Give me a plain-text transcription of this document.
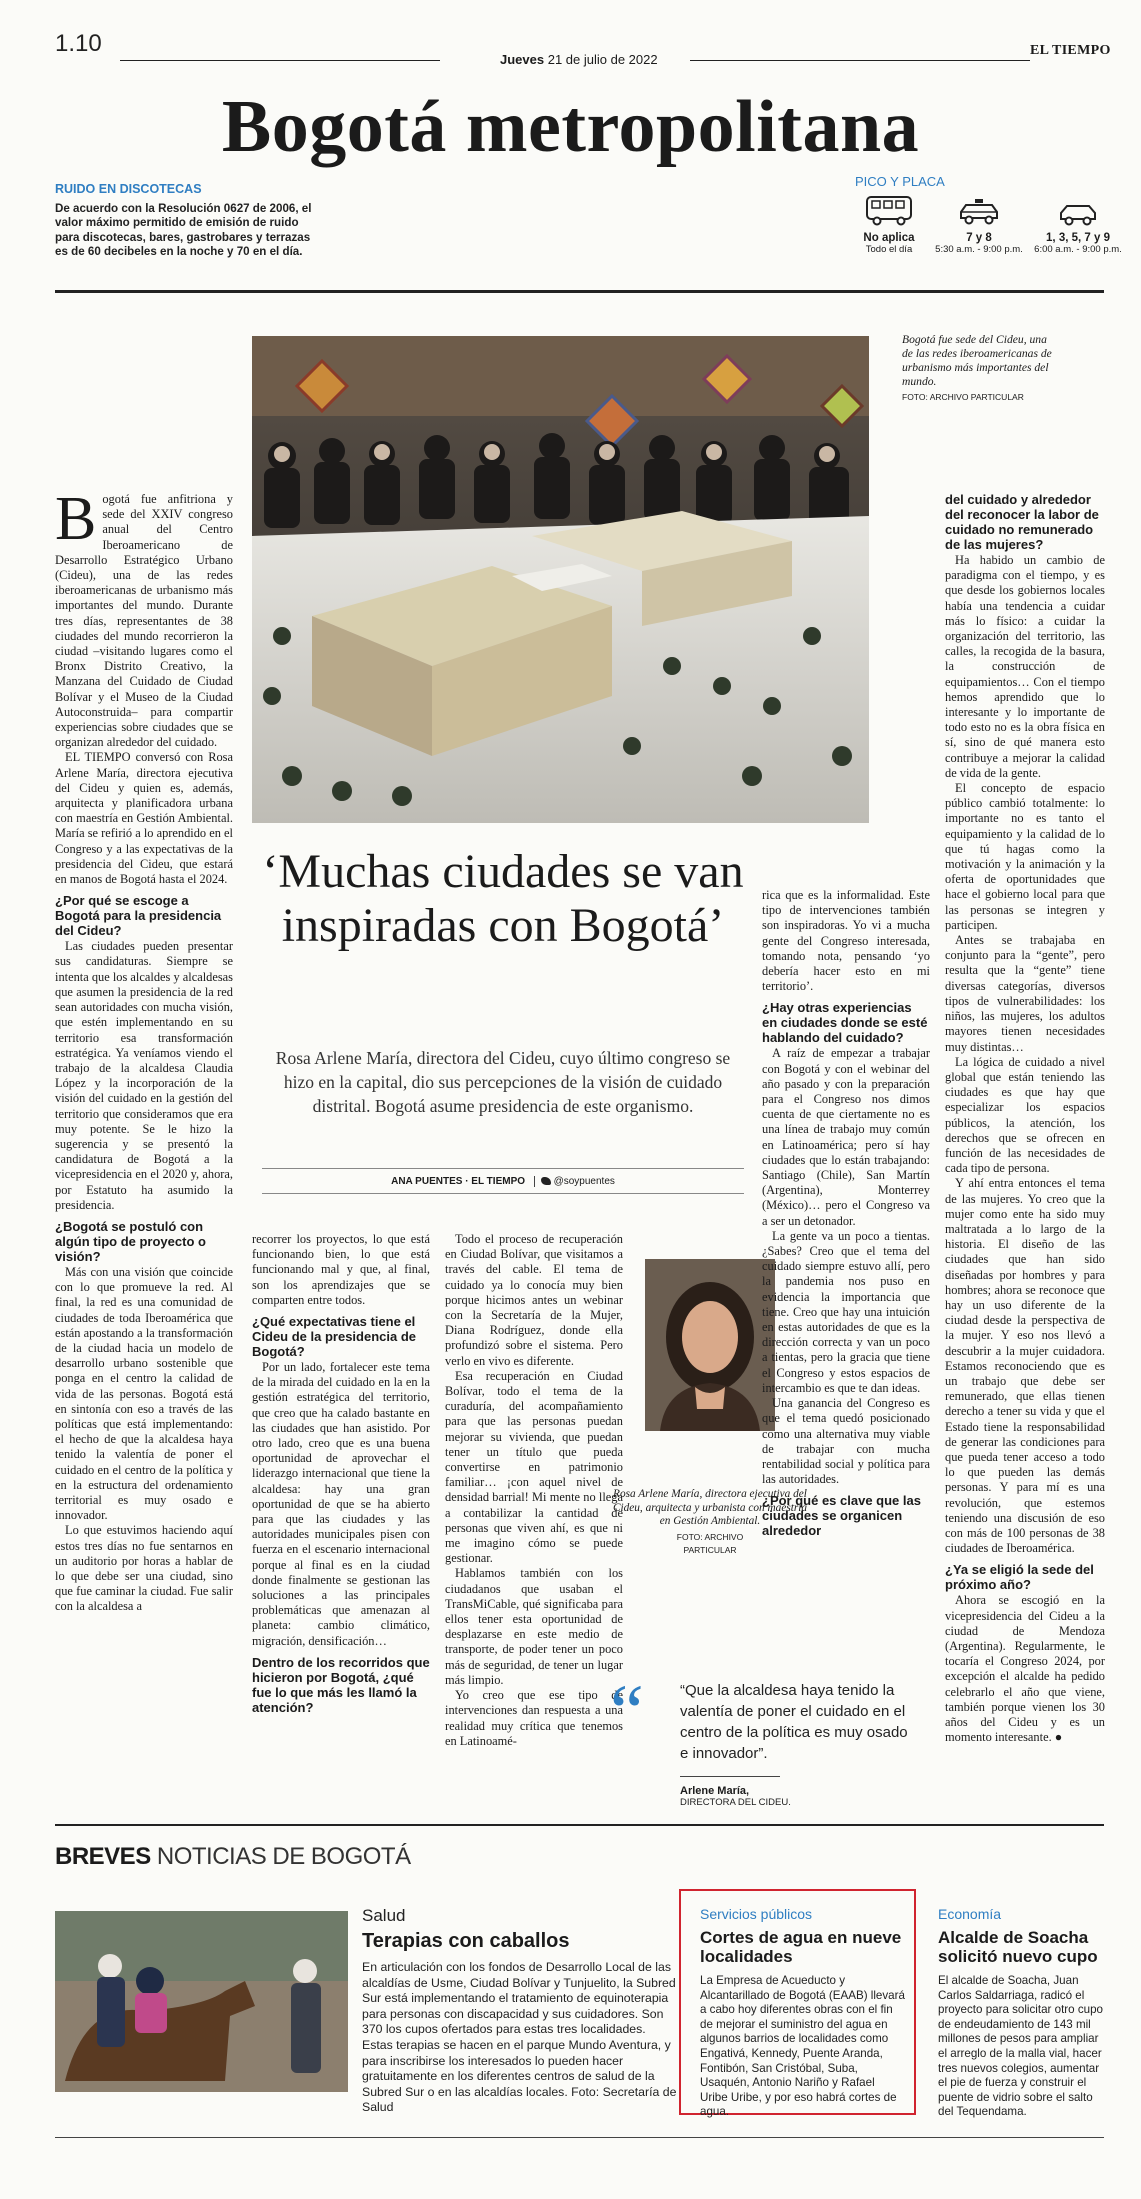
1.10
Jueves 21 de julio de 2022
EL TIEMPO
Bogotá metropolitana
RUIDO EN DISCOTECAS
De acuerdo con la Resolución 0627 de 2006, el valor máximo permitido de emisión de ruido para discotecas, bares, gastrobares y terrazas es de 60 decibeles en la noche y 70 en el día.
PICO Y PLACA
No aplica
Todo el día
7 y 8
5:30 a.m. - 9:00 p.m.
1, 3, 5, 7 y 9
6:00 a.m. - 9:00 p.m.
Bogotá fue sede del Cideu, una de las redes iberoamericanas de urbanismo más importantes del mundo.
FOTO: ARCHIVO PARTICULAR
‘Muchas ciudades se van inspiradas con Bogotá’
Rosa Arlene María, directora del Cideu, cuyo último congreso se hizo en la capital, dio sus percepciones de la visión de cuidado distrital. Bogotá asume presidencia de este organismo.
ANA PUENTES · EL TIEMPO	@soypuentes

Bogotá fue anfitriona y sede del XXIV congreso anual del Centro Iberoamericano de Desarrollo Estratégico Urbano (Cideu), una de las redes iberoamericanas de urbanismo más importantes del mundo. Durante tres días, representantes de 38 ciudades del mundo recorrieron la ciudad –visitando lugares como el Bronx Distrito Creativo, la Manzana del Cuidado de Ciudad Bolívar y el Museo de la Ciudad Autoconstruida– para compartir experiencias sobre ciudades que se organizan alrededor del cuidado.

EL TIEMPO conversó con Rosa Arlene María, directora ejecutiva del Cideu y quien es, además, arquitecta y planificadora urbana con maestría en Gestión Ambiental. María se refirió a lo aprendido en el Congreso y a las expectativas de la presidencia del Cideu, que estará en manos de Bogotá hasta el 2024.

¿Por qué se escoge a Bogotá para la presidencia del Cideu?

Las ciudades pueden presentar sus candidaturas. Siempre se intenta que los alcaldes y alcaldesas que asumen la presidencia de la red sean autoridades con mucha visión, que estén implementando en su territorio esa transformación estratégica. Ya veníamos viendo el trabajo de la alcaldesa Claudia López y la incorporación de la visión del cuidado en la gestión del territorio que consideramos que era muy potente. Se le hizo la sugerencia y se presentó la candidatura de Bogotá a la vicepresidencia en el 2020 y, ahora, por Estatuto ha asumido la presidencia.

¿Bogotá se postuló con algún tipo de proyecto o visión?

Más con una visión que coincide con lo que promueve la red. Al final, la red es una comunidad de ciudades de toda Iberoamérica que están apostando a la transformación de la ciudad hacia un modelo de desarrollo urbano sostenible que ponga en el centro la calidad de vida de las personas. Bogotá está en sintonía con eso a través de las políticas que está implementando: el hecho de que la alcaldesa haya tenido la valentía de poner el cuidado en el centro de la política y en la estructura del ordenamiento territorial es muy osado e innovador.

Lo que estuvimos haciendo aquí estos tres días no fue sentarnos en un auditorio por horas a hablar de lo que debe ser una ciudad, sino que fue caminar la ciudad. Fue salir con la alcaldesa a

recorrer los proyectos, lo que está funcionando bien, lo que está funcionando mal y que, al final, son los aprendizajes que se comparten entre todos.

¿Qué expectativas tiene el Cideu de la presidencia de Bogotá?

Por un lado, fortalecer este tema de la mirada del cuidado en la en la gestión estratégica del territorio, que creo que ha calado bastante en las ciudades que han asistido. Por otro lado, creo que es una buena oportunidad de aprovechar el liderazgo internacional que tiene la alcaldesa: hay una gran oportunidad de que se ha abierto para que las ciudades y las autoridades municipales pisen con fuerza en el escenario internacional porque al final es en la ciudad donde finalmente se gestionan las soluciones a las principales problemáticas que amenazan al planeta: cambio climático, migración, densificación…

Dentro de los recorridos que hicieron por Bogotá, ¿qué fue lo que más les llamó la atención?

Todo el proceso de recuperación en Ciudad Bolívar, que visitamos a través del cable. El tema de cuidado ya lo conocía muy bien porque hicimos antes un webinar con la Secretaría de la Mujer, Diana Rodríguez, donde ella profundizó sobre el sistema. Pero verlo en vivo es diferente.

Esa recuperación en Ciudad Bolívar, todo el tema de la curaduría, del acompañamiento para que las personas puedan mejorar su vivienda, que puedan tener un título que pueda convertirse en patrimonio familiar… ¡con aquel nivel de densidad barrial! Mi mente no llega a contabilizar la cantidad de personas que viven ahí, es que ni me imagino cómo se puede gestionar.

Hablamos también con los ciudadanos que usaban el TransMiCable, qué significaba para ellos tener esta oportunidad de desplazarse en este medio de transporte, de poder tener un poco más de seguridad, de tener un lugar más limpio.

Yo creo que ese tipo de intervenciones dan respuesta a una realidad muy crítica que tenemos en Latinoamé-

Rosa Arlene María, directora ejecutiva del Cideu, arquitecta y urbanista con maestría en Gestión Ambiental.
FOTO: ARCHIVO PARTICULAR

rica que es la informalidad. Este tipo de intervenciones también son inspiradoras. Yo vi a mucha gente del Congreso interesada, tomando nota, pensando ‘yo debería hacer esto en mi territorio’.

¿Hay otras experiencias en ciudades donde se esté hablando del cuidado?

A raíz de empezar a trabajar con Bogotá y con el webinar del año pasado y con la preparación para el Congreso nos dimos cuenta de que ciertamente no es una línea de trabajo muy común en Latinoamérica; pero sí hay ciudades que lo están trabajando: Santiago (Chile), San Martín (Argentina), Monterrey (México)… pero el Congreso va a ser un detonador.

La gente va un poco a tientas. ¿Sabes? Creo que el tema del cuidado siempre estuvo allí, pero la pandemia nos puso en evidencia la importancia que tiene. Creo que hay una intuición en estas autoridades de que es la dirección correcta y van un poco a tientas, pero la gracia que tiene el Congreso y estos espacios de intercambio es que te dan ideas.

Una ganancia del Congreso es que el tema quedó posicionado como una alternativa muy viable de trabajar con mucha rentabilidad social y política para las autoridades.

¿Por qué es clave que las ciudades se organicen alrededor
“ “Que la alcaldesa haya tenido la valentía de poner el cuidado en el centro de la política es muy osado e innovador”.
Arlene María,
DIRECTORA DEL CIDEU.
del cuidado y alrededor del reconocer la labor de cuidado no remunerado de las mujeres?

Ha habido un cambio de paradigma con el tiempo, y es que desde los gobiernos locales había una tendencia a cuidar más lo físico: a cuidar la organización del territorio, las calles, la recogida de la basura, la construcción de equipamientos… Con el tiempo hemos aprendido que lo interesante y lo importante de todo esto no es la obra física en sí, sino de qué manera esto contribuye a mejorar la calidad de vida de la gente.

El concepto de espacio público cambió totalmente: lo importante no es tanto el equipamiento y la calidad de lo que tú hagas como la motivación y la animación y la oferta de oportunidades que hace el gobierno local para que las personas se integren y participen.

Antes se trabajaba en conjunto para la “gente”, pero resulta que la “gente” tiene diversas categorías, diversos tipos de vulnerabilidades: los niños, las mujeres, los adultos mayores tienen necesidades muy distintas…

La lógica de cuidado a nivel global que están teniendo las ciudades es que hay que especializar los espacios públicos, la atención, los derechos que se ofrecen en función de las necesidades de cada tipo de persona.

Y ahí entra entonces el tema de las mujeres. Yo creo que la mujer como ente ha sido muy maltratada a lo largo de la historia. El diseño de las ciudades que han sido diseñadas por hombres y para hombres; ahora se reconoce que hay un uso diferente de la ciudad desde la perspectiva de la mujer. Y eso nos llevó a descubrir a la mujer cuidadora. Estamos reconociendo que es un trabajo que debe ser remunerado, que ellas tienen derecho a tener su vida y que el Estado tiene la responsabilidad de generar las condiciones para que pueda tener acceso a todo lo que pueden las demás personas. Y para mí es una revolución, que estemos teniendo una discusión de eso con más de 100 personas de 38 ciudades de Iberoamérica.

¿Ya se eligió la sede del próximo año?

Ahora se escogió en la vicepresidencia del Cideu a la ciudad de Mendoza (Argentina). Regularmente, le tocaría el Congreso 2024, por excepción el alcalde ha pedido celebrarlo el año que viene, también porque vienen los 30 años del Cideu y es un momento interesante. ●

BREVES NOTICIAS DE BOGOTÁ
Salud
Terapias con caballos
En articulación con los fondos de Desarrollo Local de las alcaldías de Usme, Ciudad Bolívar y Tunjuelito, la Subred Sur está implementando el tratamiento de equinoterapia para personas con discapacidad y sus cuidadores. Son 370 los cupos ofertados para estas tres localidades. Estas terapias se hacen en el parque Mundo Aventura, y para inscribirse los interesados lo pueden hacer gratuitamente en los diferentes centros de salud de la Subred Sur o en las alcaldías locales. Foto: Secretaría de Salud
Servicios públicos
Cortes de agua en nueve localidades
La Empresa de Acueducto y Alcantarillado de Bogotá (EAAB) llevará a cabo hoy diferentes obras con el fin de mejorar el suministro del agua en algunos barrios de localidades como Engativá, Kennedy, Puente Aranda, Fontibón, San Cristóbal, Suba, Usaquén, Antonio Nariño y Rafael Uribe Uribe, y por eso habrá cortes de agua.
Economía
Alcalde de Soacha solicitó nuevo cupo
El alcalde de Soacha, Juan Carlos Saldarriaga, radicó el proyecto para solicitar otro cupo de endeudamiento de 143 mil millones de pesos para ampliar el arreglo de la malla vial, hacer tres nuevos colegios, aumentar el pie de fuerza y construir el puente de vidrio sobre el salto del Tequendama.
